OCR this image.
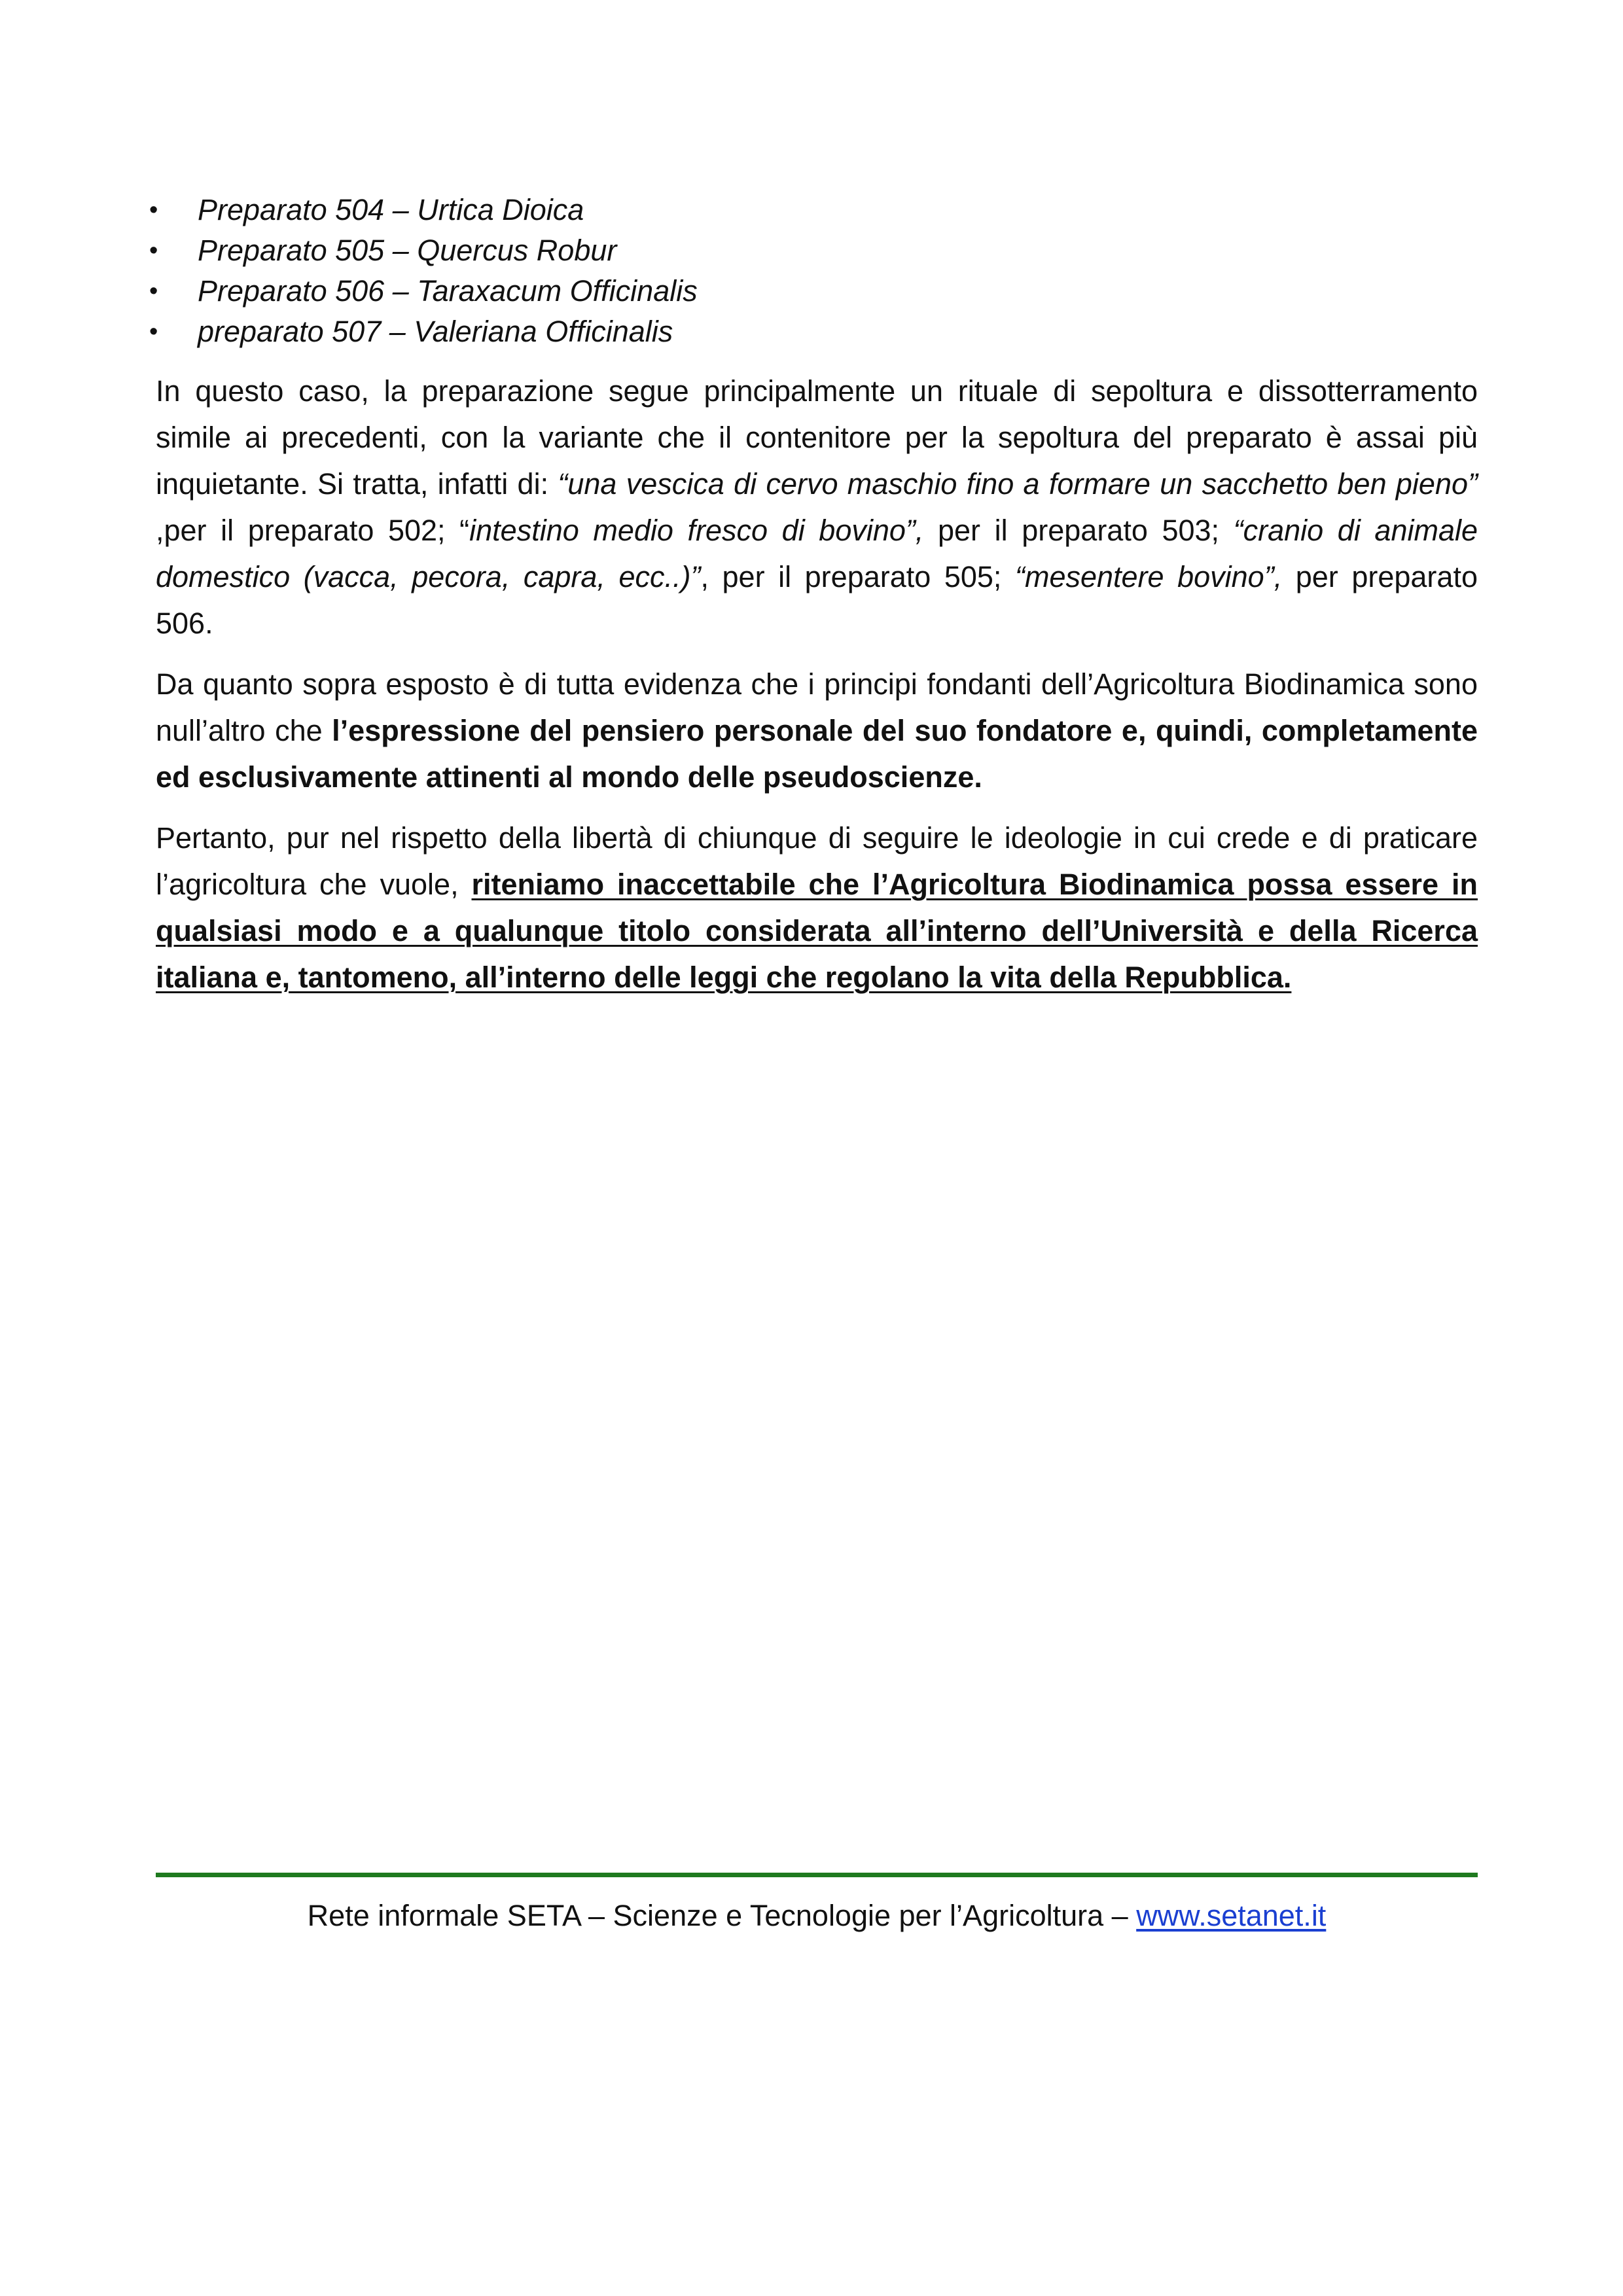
• Preparato 504 – Urtica Dioica
• Preparato 505 – Quercus Robur
• Preparato 506 – Taraxacum Officinalis
• preparato 507 – Valeriana Officinalis

In questo caso, la preparazione segue principalmente un rituale di sepoltura e dissotterramento simile ai precedenti, con la variante che il contenitore per la sepoltura del preparato è assai più inquietante. Si tratta, infatti di: “una vescica di cervo maschio fino a formare un sacchetto ben pieno” ,per il preparato 502; “intestino medio fresco di bovino”, per il preparato 503; “cranio di animale domestico (vacca, pecora, capra, ecc..)”, per il preparato 505; “mesentere bovino”, per preparato 506.

Da quanto sopra esposto è di tutta evidenza che i principi fondanti dell’Agricoltura Biodinamica sono null’altro che l’espressione del pensiero personale del suo fondatore e, quindi, completamente ed esclusivamente attinenti al mondo delle pseudoscienze.

Pertanto, pur nel rispetto della libertà di chiunque di seguire le ideologie in cui crede e di praticare l’agricoltura che vuole, riteniamo inaccettabile che l’Agricoltura Biodinamica possa essere in qualsiasi modo e a qualunque titolo considerata all’interno dell’Università e della Ricerca italiana e, tantomeno, all’interno delle leggi che regolano la vita della Repubblica.

Rete informale SETA – Scienze e Tecnologie per l’Agricoltura – www.setanet.it
